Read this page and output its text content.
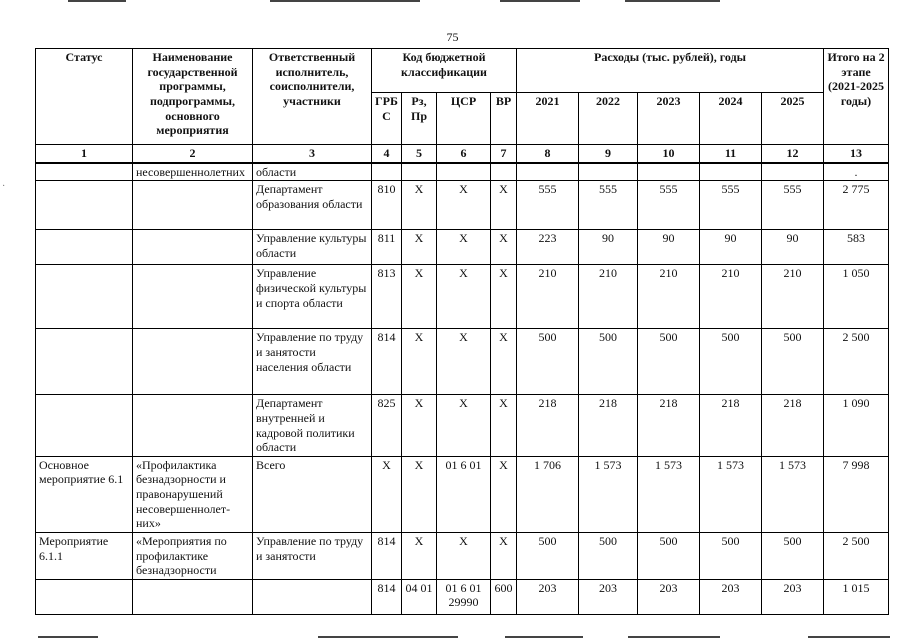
75
·
Статус	Наименование государственной программы, подпрограммы, основного мероприятия	Ответственный исполнитель, соисполнители, участники	Код бюджетной классификации				Расходы (тыс. рублей), годы					Итого на 2 этапе (2021-2025 годы)
			ГРБ С	Рз, Пр	ЦСР	ВР	2021	2022	2023	2024	2025	
1	2	3	4	5	6	7	8	9	10	11	12	13
	несовершеннолетних	области										.
		Департамент образования области	810	Х	Х	Х	555	555	555	555	555	2 775
		Управление культуры области	811	Х	Х	Х	223	90	90	90	90	583
		Управление физической культуры и спорта области	813	Х	Х	Х	210	210	210	210	210	1 050
		Управление по труду и занятости населения области	814	Х	Х	Х	500	500	500	500	500	2 500
		Департамент внутренней и кадровой политики области	825	Х	Х	Х	218	218	218	218	218	1 090
Основное мероприятие 6.1	«Профилактика безнадзорности и правонарушений несовершеннолет-них»	Всего	Х	Х	01 6 01	Х	1 706	1 573	1 573	1 573	1 573	7 998
Мероприятие 6.1.1	«Мероприятия по профилактике безнадзорности	Управление по труду и занятости	814	Х	Х	Х	500	500	500	500	500	2 500
			814	04 01	01 6 01 29990	600	203	203	203	203	203	1 015
